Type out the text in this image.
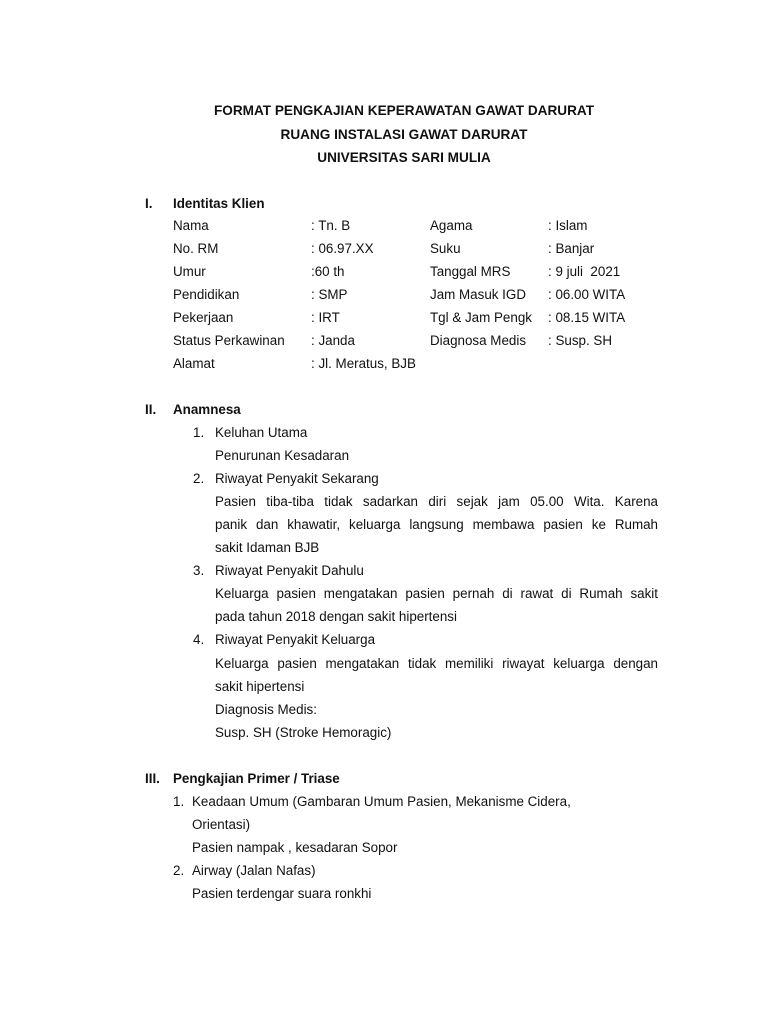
FORMAT PENGKAJIAN KEPERAWATAN GAWAT DARURAT
RUANG INSTALASI GAWAT DARURAT
UNIVERSITAS SARI MULIA
I. Identitas Klien
Nama	: Tn. B	Agama	: Islam
No. RM	: 06.97.XX	Suku	: Banjar
Umur	:60 th	Tanggal MRS	: 9 juli  2021
Pendidikan	: SMP	Jam Masuk IGD : 06.00 WITA
Pekerjaan	: IRT	Tgl & Jam Pengk : 08.15 WITA
Status Perkawinan : Janda	Diagnosa Medis : Susp. SH
Alamat	: Jl. Meratus, BJB
II. Anamnesa
1. Keluhan Utama
Penurunan Kesadaran
2. Riwayat Penyakit Sekarang
Pasien tiba-tiba tidak sadarkan diri sejak jam 05.00 Wita. Karena
panik dan khawatir, keluarga langsung membawa pasien ke Rumah
sakit Idaman BJB
3. Riwayat Penyakit Dahulu
Keluarga pasien mengatakan pasien pernah di rawat di Rumah sakit
pada tahun 2018 dengan sakit hipertensi
4. Riwayat Penyakit Keluarga
Keluarga pasien mengatakan tidak memiliki riwayat keluarga dengan
sakit hipertensi
Diagnosis Medis:
Susp. SH (Stroke Hemoragic)
III. Pengkajian Primer / Triase
1. Keadaan Umum (Gambaran Umum Pasien, Mekanisme Cidera,
Orientasi)
Pasien nampak , kesadaran Sopor
2. Airway (Jalan Nafas)
Pasien terdengar suara ronkhi
